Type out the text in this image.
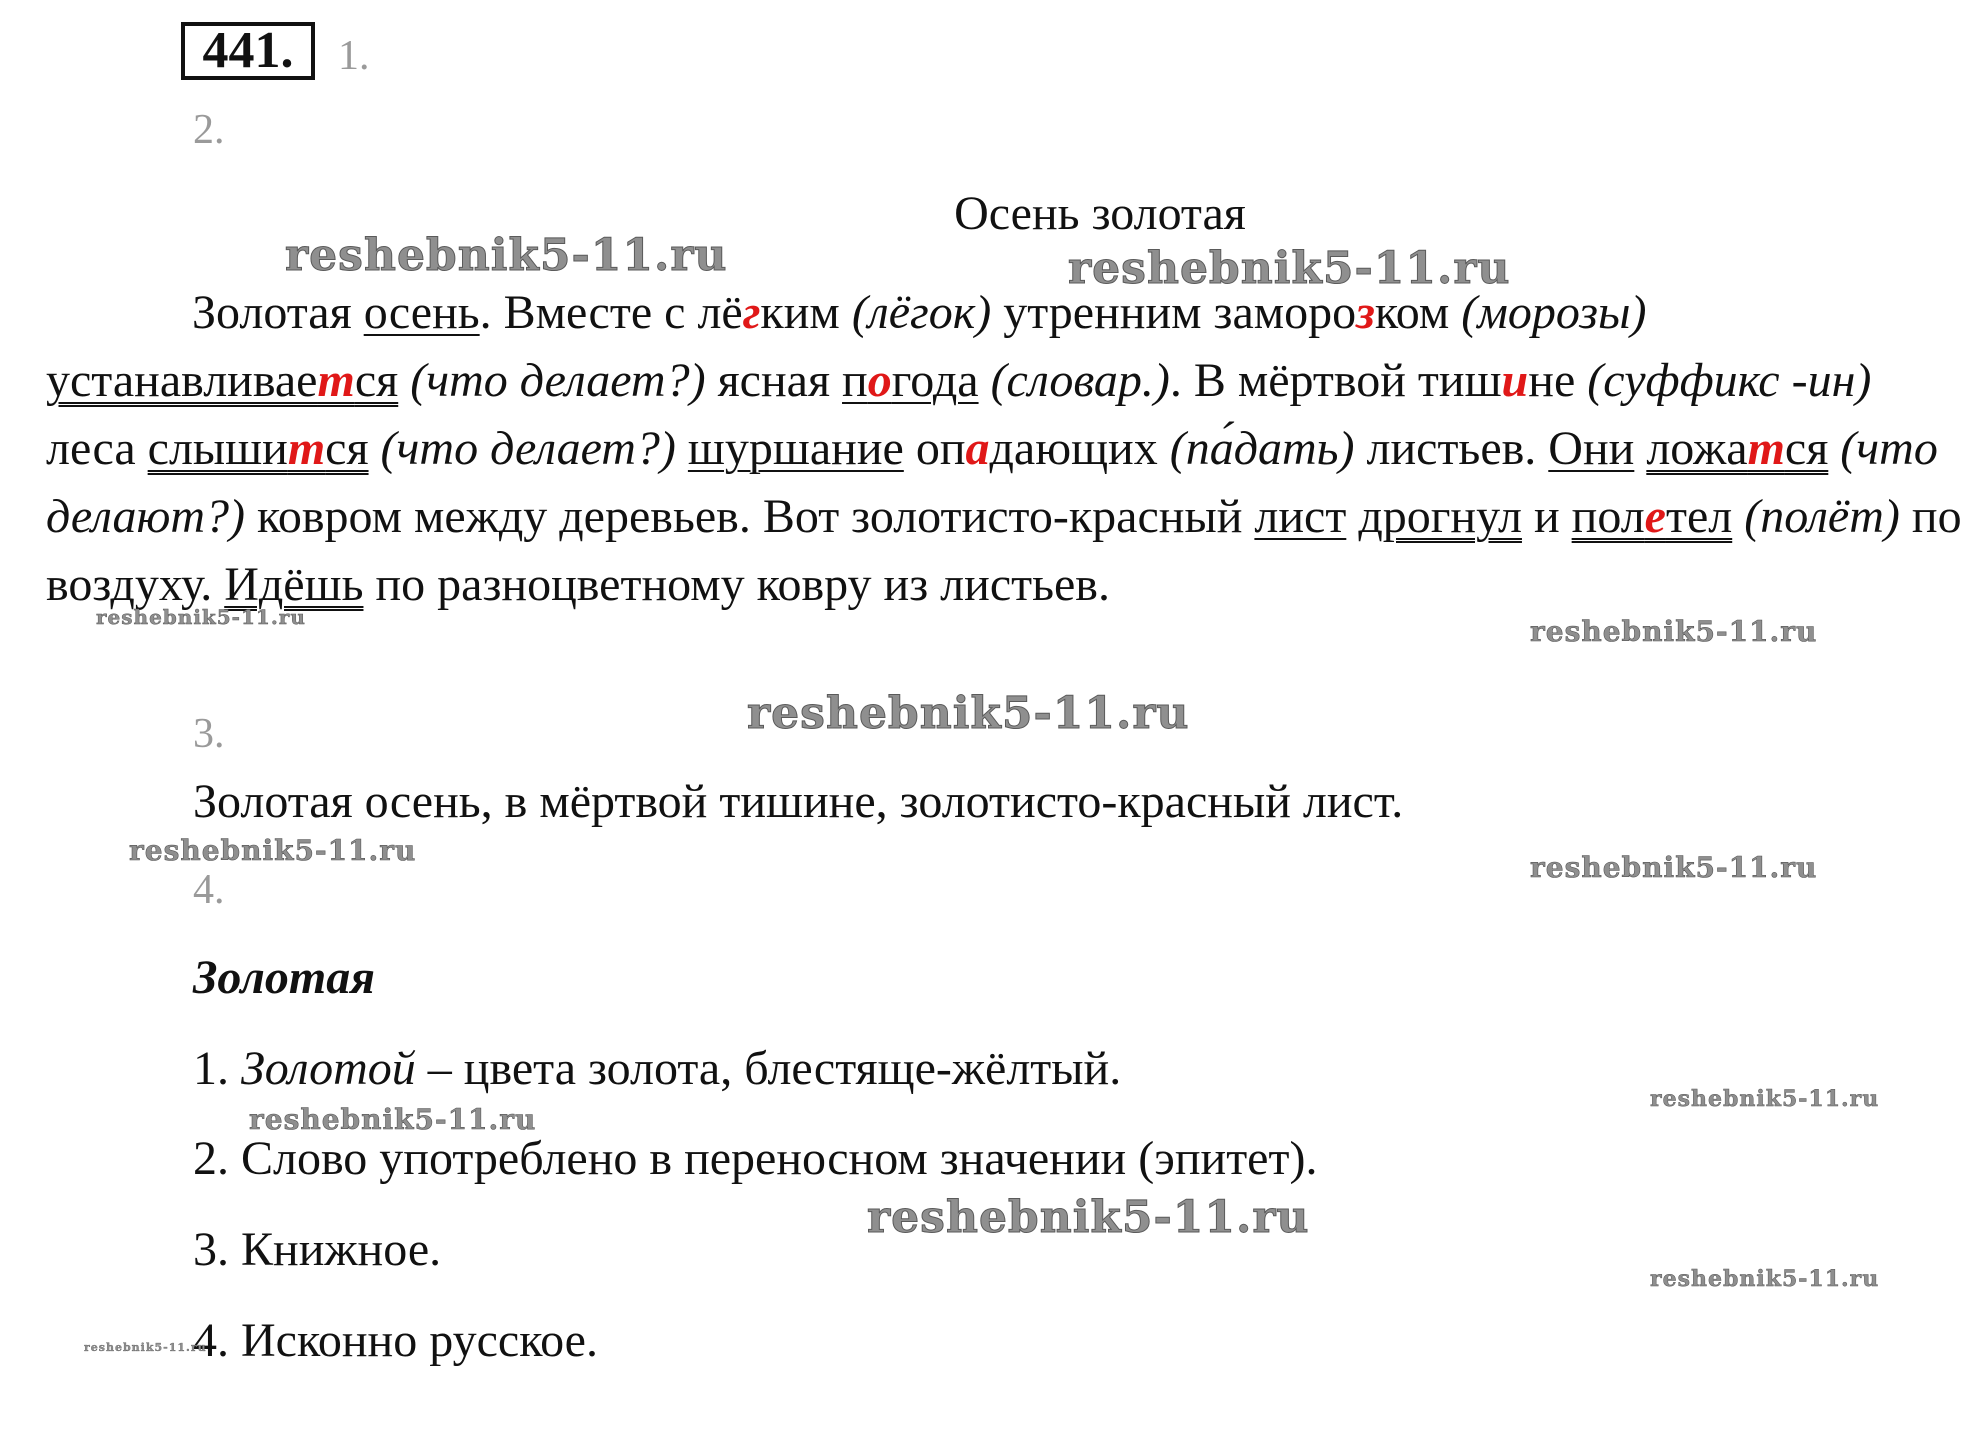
441.	1.
2.
3.
4.
Осень золотая

Золотая осень. Вместе с лёгким (лёгок) утренним заморозком (морозы) устанавливается (что делает?) ясная погода (словар.). В мёртвой тишине (суффикс -ин) леса слышится (что делает?) шуршание опадающих (па́дать) листьев. Они ложатся (что делают?) ковром между деревьев. Вот золотисто-красный лист дрогнул и полетел (полёт) по воздуху. Идёшь по разноцветному ковру из листьев.

Золотая осень, в мёртвой тишине, золотисто-красный лист.
Золотая
1. Золотой – цвета золота, блестяще-жёлтый.
2. Слово употреблено в переносном значении (эпитет).
3. Книжное.
4. Исконно русское.
reshebnik5-11.ru	reshebnik5-11.ru
reshebnik5-11.ru	reshebnik5-11.ru
reshebnik5-11.ru
reshebnik5-11.ru
reshebnik5-11.ru
reshebnik5-11.ru
reshebnik5-11.ru
reshebnik5-11.ru
reshebnik5-11.ru
reshebnik5-11.ru
